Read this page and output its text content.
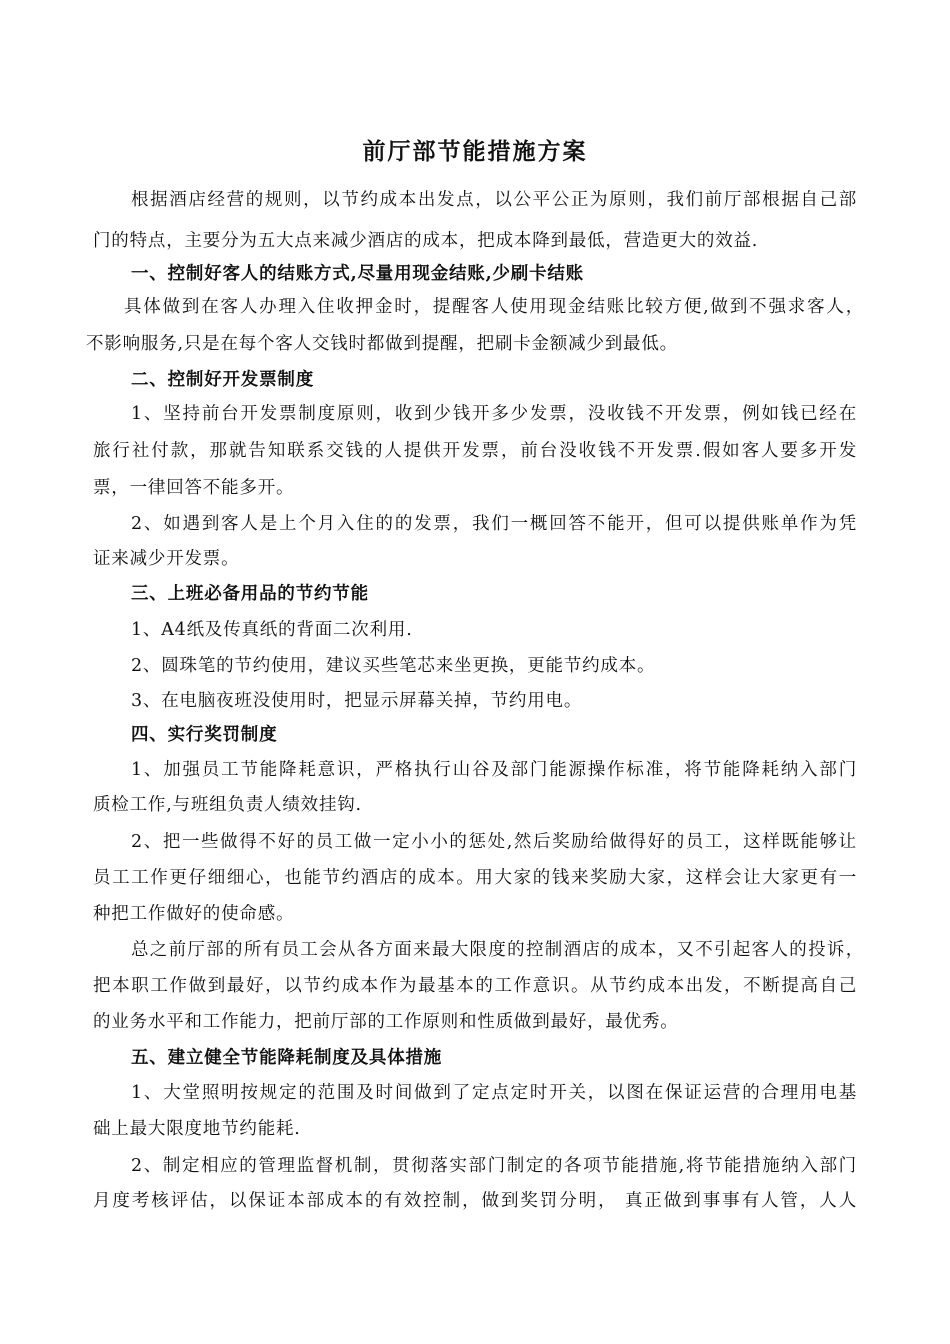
前厅部节能措施方案
根据酒店经营的规则，以节约成本出发点，以公平公正为原则，我们前厅部根据自己部
门的特点，主要分为五大点来减少酒店的成本，把成本降到最低，营造更大的效益.
一、控制好客人的结账方式,尽量用现金结账,少刷卡结账
具体做到在客人办理入住收押金时，提醒客人使用现金结账比较方便,做到不强求客人，
不影响服务,只是在每个客人交钱时都做到提醒，把刷卡金额减少到最低。
二、控制好开发票制度
1、坚持前台开发票制度原则，收到少钱开多少发票，没收钱不开发票，例如钱已经在
旅行社付款，那就告知联系交钱的人提供开发票，前台没收钱不开发票.假如客人要多开发
票，一律回答不能多开。
2、如遇到客人是上个月入住的的发票，我们一概回答不能开，但可以提供账单作为凭
证来减少开发票。
三、上班必备用品的节约节能
1、A4纸及传真纸的背面二次利用.
2、圆珠笔的节约使用，建议买些笔芯来坐更换，更能节约成本。
3、在电脑夜班没使用时，把显示屏幕关掉，节约用电。
四、实行奖罚制度
1、加强员工节能降耗意识，严格执行山谷及部门能源操作标准，将节能降耗纳入部门
质检工作,与班组负责人绩效挂钩.
2、把一些做得不好的员工做一定小小的惩处,然后奖励给做得好的员工，这样既能够让
员工工作更仔细细心，也能节约酒店的成本。用大家的钱来奖励大家，这样会让大家更有一
种把工作做好的使命感。
总之前厅部的所有员工会从各方面来最大限度的控制酒店的成本，又不引起客人的投诉，
把本职工作做到最好，以节约成本作为最基本的工作意识。从节约成本出发，不断提高自己
的业务水平和工作能力，把前厅部的工作原则和性质做到最好，最优秀。
五、建立健全节能降耗制度及具体措施
1、大堂照明按规定的范围及时间做到了定点定时开关，以图在保证运营的合理用电基
础上最大限度地节约能耗.
2、制定相应的管理监督机制，贯彻落实部门制定的各项节能措施,将节能措施纳入部门
月度考核评估，以保证本部成本的有效控制，做到奖罚分明， 真正做到事事有人管，人人
